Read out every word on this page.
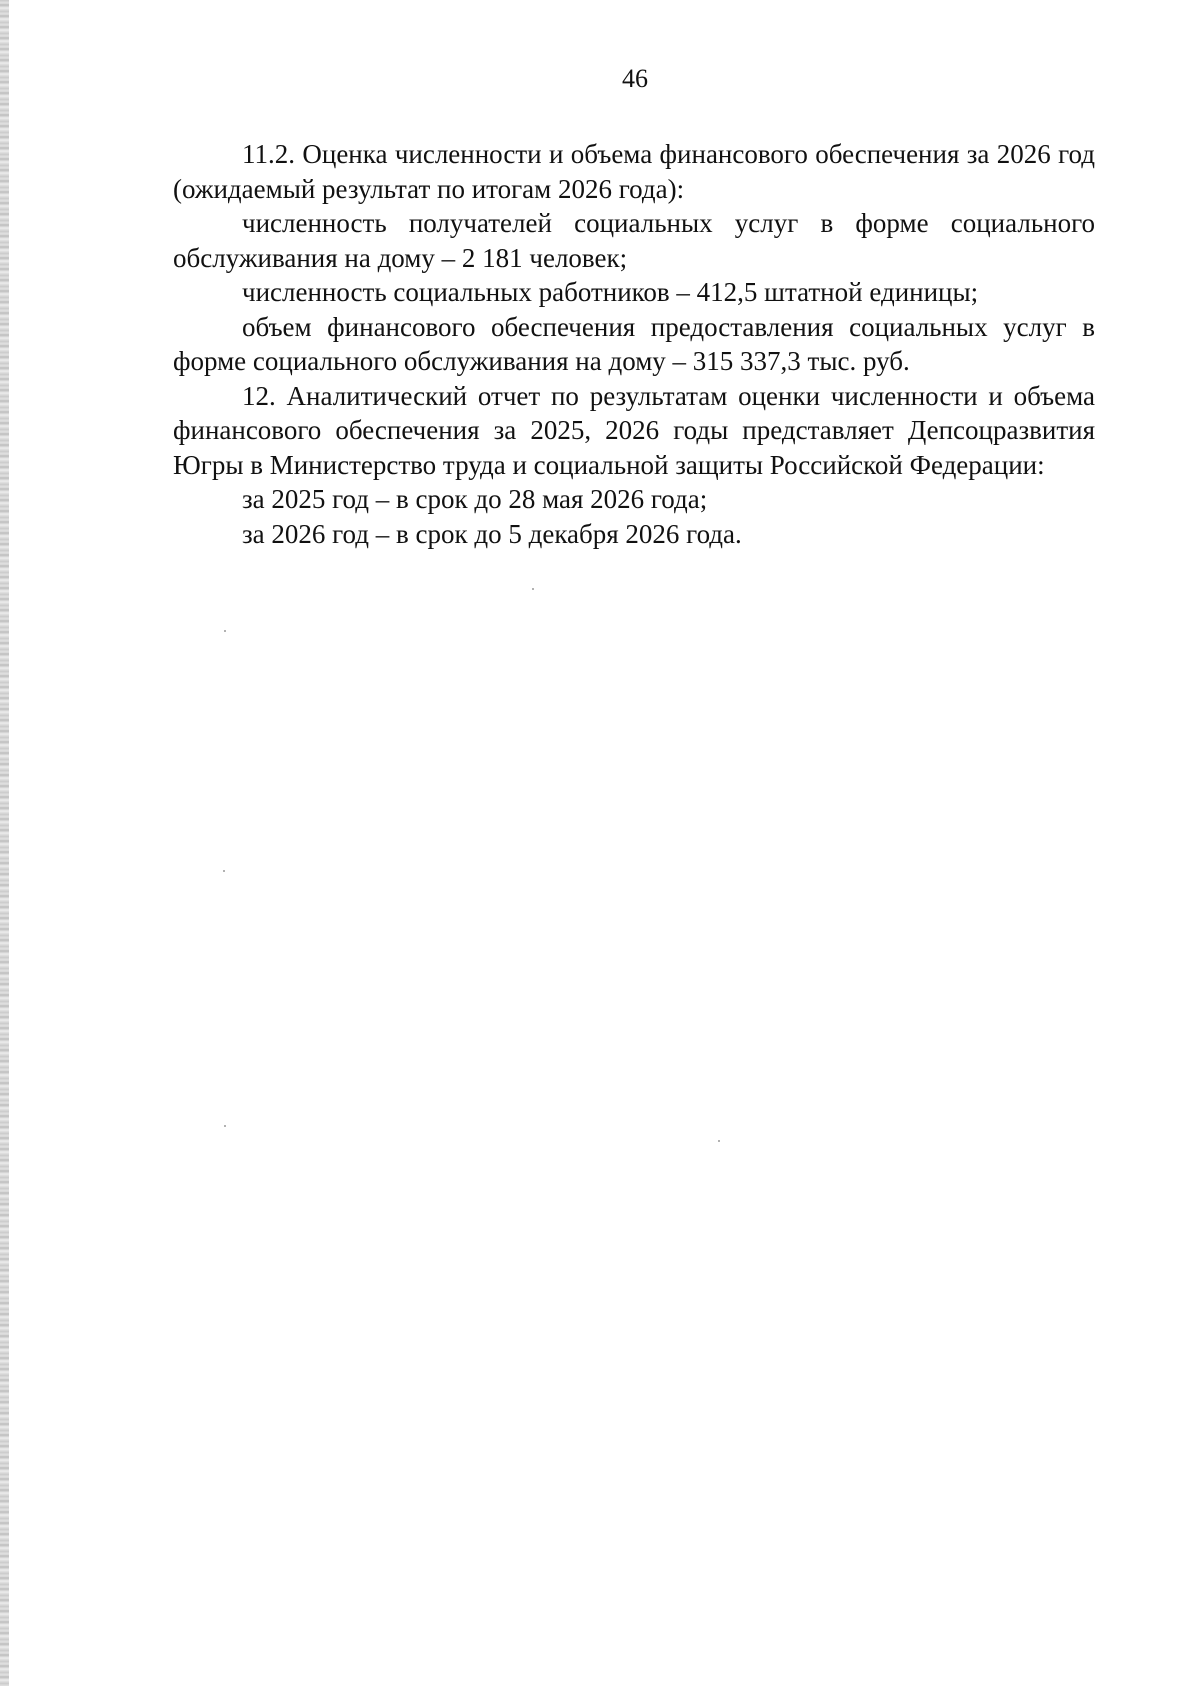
46

11.2. Оценка численности и объема финансового обеспечения за 2026 год (ожидаемый результат по итогам 2026 года):

численность получателей социальных услуг в форме социального обслуживания на дому – 2 181 человек;

численность социальных работников – 412,5 штатной единицы;

объем финансового обеспечения предоставления социальных услуг в форме социального обслуживания на дому – 315 337,3 тыс. руб.

12. Аналитический отчет по результатам оценки численности и объема финансового обеспечения за 2025, 2026 годы представляет Депсоцразвития Югры в Министерство труда и социальной защиты Российской Федерации:

за 2025 год – в срок до 28 мая 2026 года;

за 2026 год – в срок до 5 декабря 2026 года.
